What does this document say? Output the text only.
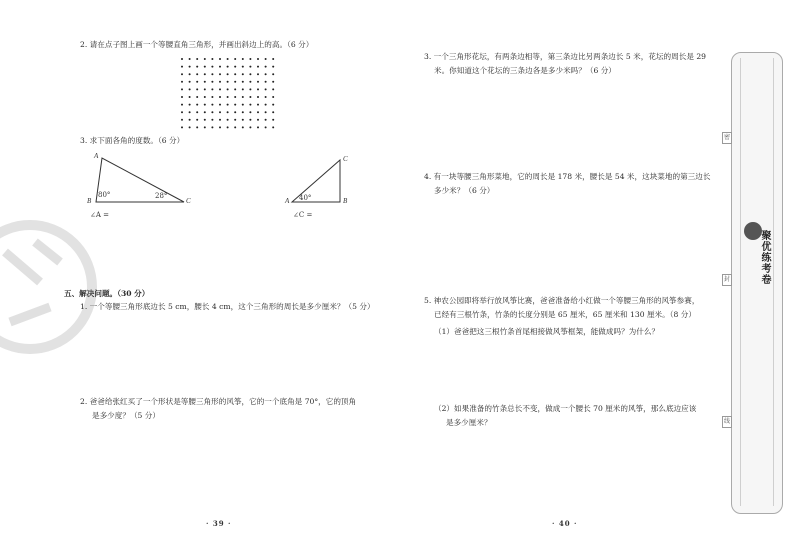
2. 请在点子图上画一个等腰直角三角形，并画出斜边上的高。（6 分）
3. 求下面各角的度数。（6 分）
A
B	C
80°	28°
∠A =
C
A	B
40°
∠C =
五、解决问题。（30 分）
1. 一个等腰三角形底边长 5 cm，腰长 4 cm，这个三角形的周长是多少厘米？（5 分）
2. 爸爸给张红买了一个形状是等腰三角形的风筝，它的一个底角是 70°，它的顶角
是多少度？（5 分）
· 39 ·
3. 一个三角形花坛，有两条边相等，第三条边比另两条边长 5 米，花坛的周长是 29
米。你知道这个花坛的三条边各是多少米吗？（6 分）
4. 有一块等腰三角形菜地，它的周长是 178 米，腰长是 54 米，这块菜地的第三边长
多少米？（6 分）
5. 神农公园即将举行放风筝比赛，爸爸准备给小红做一个等腰三角形的风筝参赛，
已经有三根竹条，竹条的长度分别是 65 厘米，65 厘米和 130 厘米。（8 分）
（1）爸爸把这三根竹条首尾相接做风筝框架，能做成吗？为什么？
（2）如果准备的竹条总长不变，做成一个腰长 70 厘米的风筝，那么底边应该
是多少厘米？
· 40 ·
密
封
线
聚优练考卷
